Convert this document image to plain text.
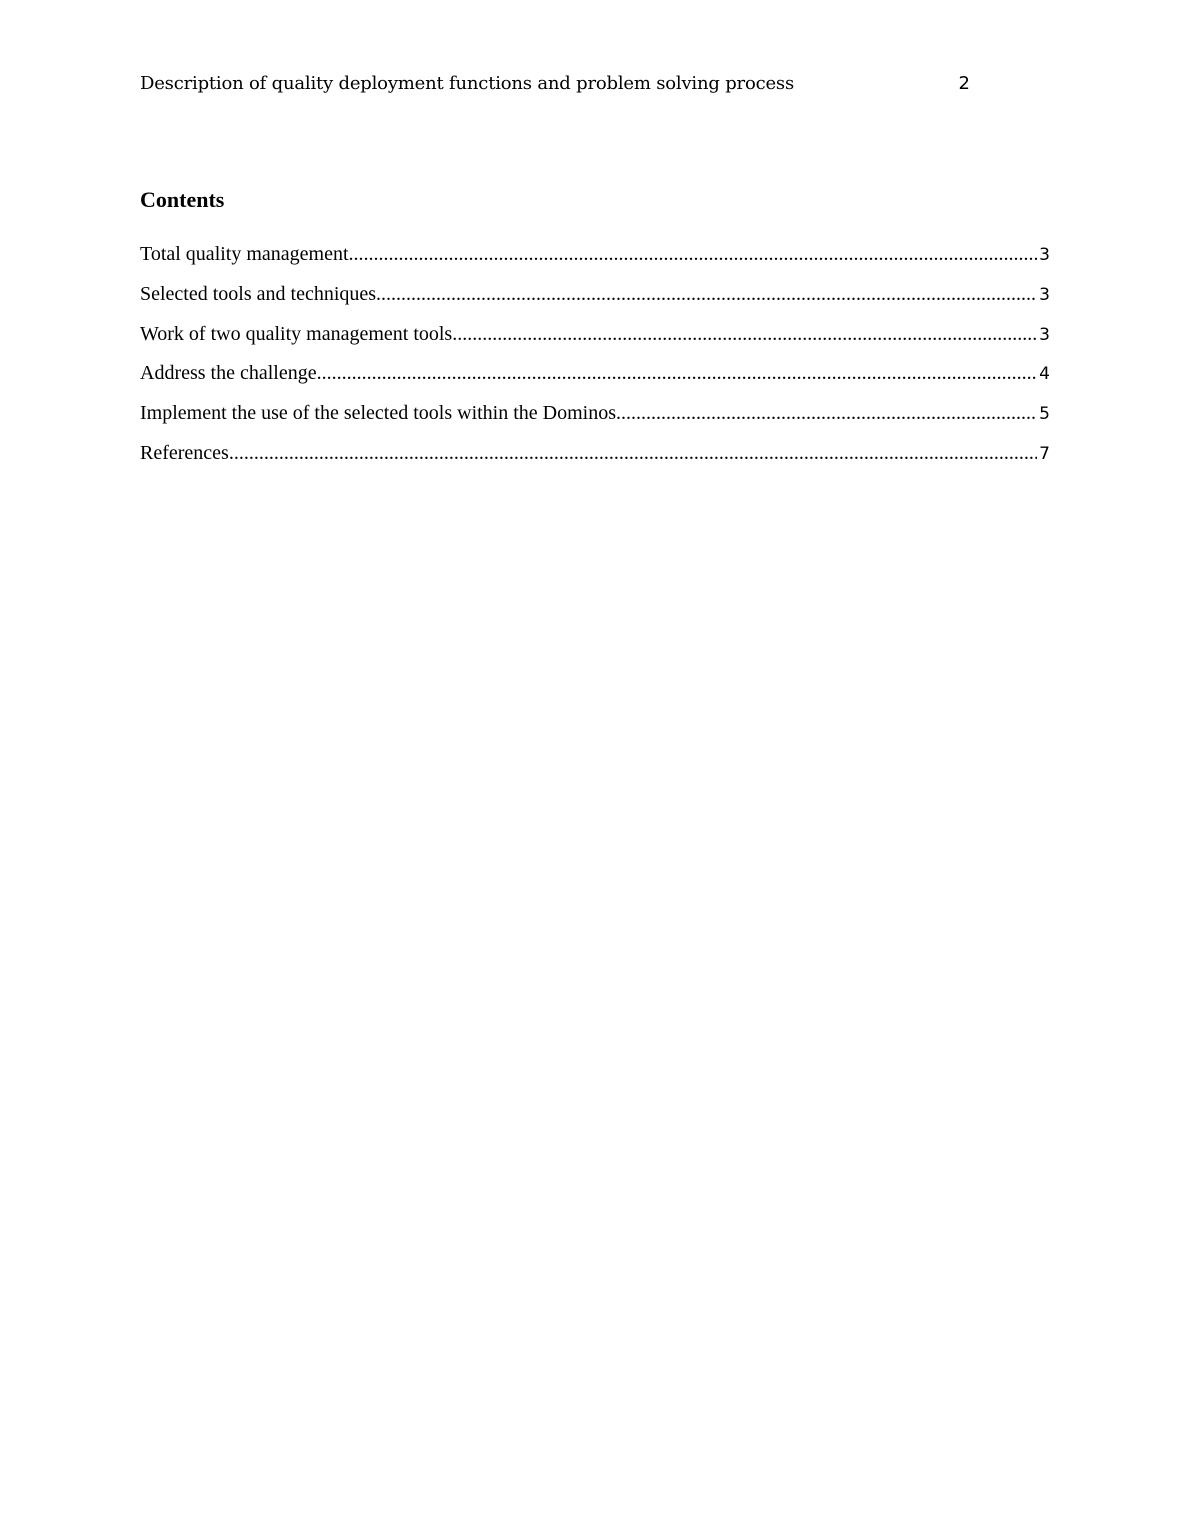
Description of quality deployment functions and problem solving process	2
Contents
Total quality management .....	3
Selected tools and techniques .....	3
Work of two quality management tools .....	3
Address the challenge .....	4
Implement the use of the selected tools within the Dominos .....	5
References .....	7
